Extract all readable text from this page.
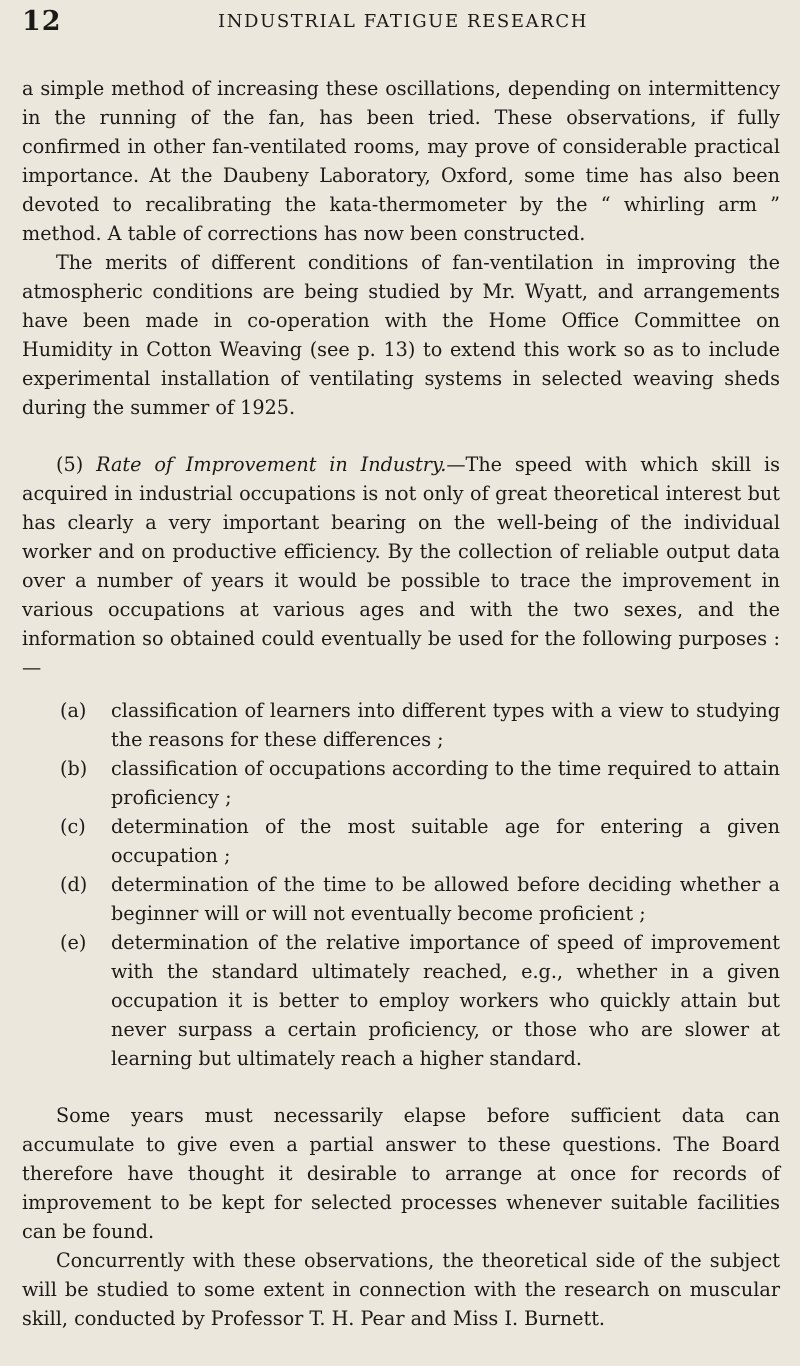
12	INDUSTRIAL FATIGUE RESEARCH

a simple method of increasing these oscillations, depending on intermittency in the running of the fan, has been tried. These observations, if fully confirmed in other fan-ventilated rooms, may prove of considerable practical importance. At the Daubeny Laboratory, Oxford, some time has also been devoted to recalibrating the kata-thermometer by the “ whirling arm ” method. A table of corrections has now been constructed.

The merits of different conditions of fan-ventilation in improving the atmospheric conditions are being studied by Mr. Wyatt, and arrangements have been made in co-operation with the Home Office Committee on Humidity in Cotton Weaving (see p. 13) to extend this work so as to include experimental installation of ventilating systems in selected weaving sheds during the summer of 1925.

(5) Rate of Improvement in Industry.—The speed with which skill is acquired in industrial occupations is not only of great theoretical interest but has clearly a very important bearing on the well-being of the individual worker and on productive efficiency. By the collection of reliable output data over a number of years it would be possible to trace the improvement in various occupations at various ages and with the two sexes, and the information so obtained could eventually be used for the following purposes :—

(a) classification of learners into different types with a view to studying the reasons for these differences ;
(b) classification of occupations according to the time required to attain proficiency ;
(c) determination of the most suitable age for entering a given occupation ;
(d) determination of the time to be allowed before deciding whether a beginner will or will not eventually become proficient ;
(e) determination of the relative importance of speed of improvement with the standard ultimately reached, e.g., whether in a given occupation it is better to employ workers who quickly attain but never surpass a certain proficiency, or those who are slower at learning but ultimately reach a higher standard.

Some years must necessarily elapse before sufficient data can accumulate to give even a partial answer to these questions. The Board therefore have thought it desirable to arrange at once for records of improvement to be kept for selected processes whenever suitable facilities can be found.

Concurrently with these observations, the theoretical side of the subject will be studied to some extent in connection with the research on muscular skill, conducted by Professor T. H. Pear and Miss I. Burnett.
